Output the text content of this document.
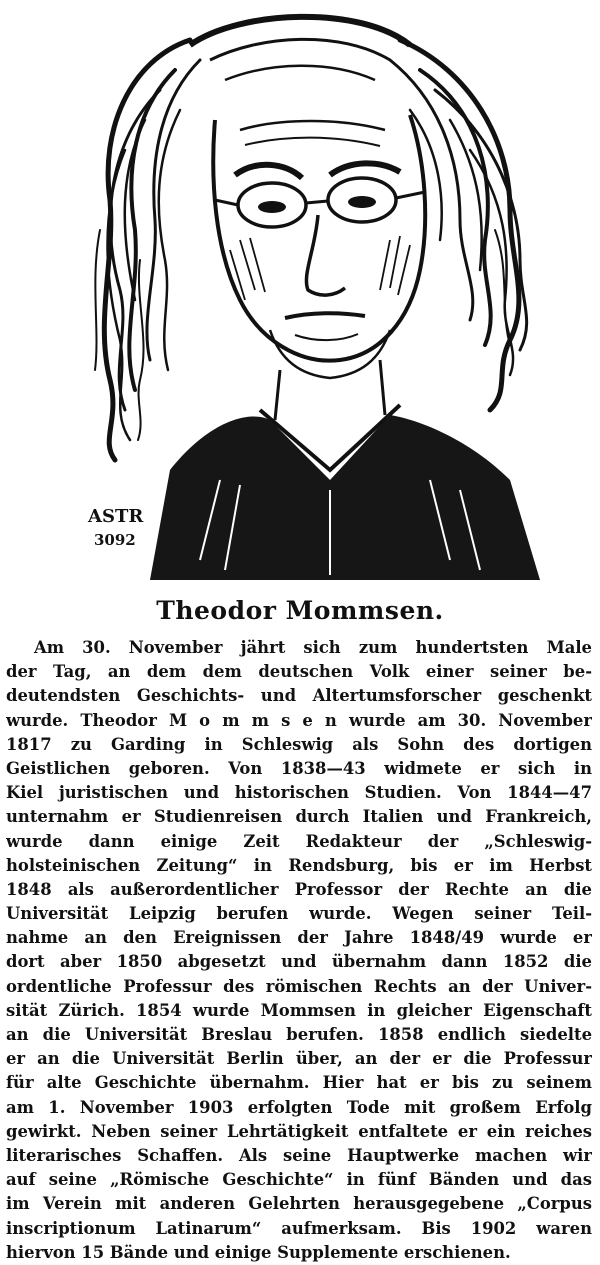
ASTR
3092
Theodor Mommsen.
Am 30. November jährt sich zum hundertsten Male
der Tag, an dem dem deutschen Volk einer seiner be-
deutendsten Geschichts- und Altertumsforscher geschenkt
wurde. Theodor M o m m s e n wurde am 30. November
1817 zu Garding in Schleswig als Sohn des dortigen
Geistlichen geboren. Von 1838—43 widmete er sich in
Kiel juristischen und historischen Studien. Von 1844—47
unternahm er Studienreisen durch Italien und Frankreich,
wurde dann einige Zeit Redakteur der „Schleswig-
holsteinischen Zeitung“ in Rendsburg, bis er im Herbst
1848 als außerordentlicher Professor der Rechte an die
Universität Leipzig berufen wurde. Wegen seiner Teil-
nahme an den Ereignissen der Jahre 1848/49 wurde er
dort aber 1850 abgesetzt und übernahm dann 1852 die
ordentliche Professur des römischen Rechts an der Univer-
sität Zürich. 1854 wurde Mommsen in gleicher Eigenschaft
an die Universität Breslau berufen. 1858 endlich siedelte
er an die Universität Berlin über, an der er die Professur
für alte Geschichte übernahm. Hier hat er bis zu seinem
am 1. November 1903 erfolgten Tode mit großem Erfolg
gewirkt. Neben seiner Lehrtätigkeit entfaltete er ein reiches
literarisches Schaffen. Als seine Hauptwerke machen wir
auf seine „Römische Geschichte“ in fünf Bänden und das
im Verein mit anderen Gelehrten herausgegebene „Corpus
inscriptionum Latinarum“ aufmerksam. Bis 1902 waren
hiervon 15 Bände und einige Supplemente erschienen.
